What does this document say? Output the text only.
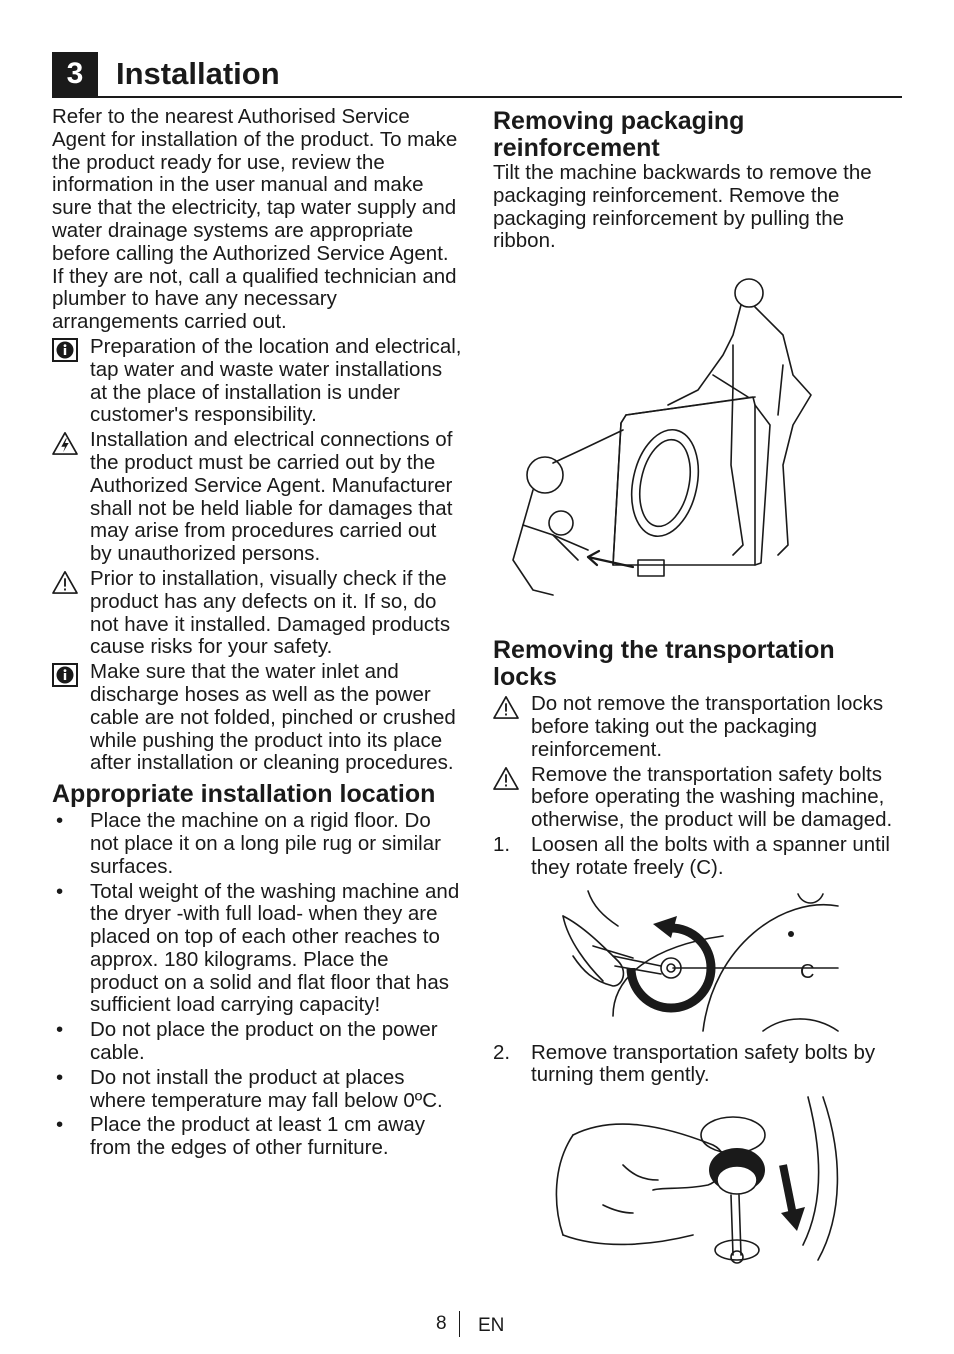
3	Installation

Refer to the nearest Authorised Service Agent for installation of the product. To make the product ready for use, review the information in the user manual and make sure that the electricity, tap water supply and water drainage systems are appropriate before calling the Authorized Service Agent. If they are not, call a qualified technician and plumber to have any necessary arrangements carried out.

Preparation of the location and electrical, tap water and waste water installations at the place of installation is under customer's responsibility.

Installation and electrical connections of the product must be carried out by the Authorized Service Agent. Manufacturer shall not be held liable for damages that may arise from procedures carried out by unauthorized persons.

Prior to installation, visually check if the product has any defects on it. If so, do not have it installed. Damaged products cause risks for your safety.

Make sure that the water inlet and discharge hoses as well as the power cable are not folded, pinched or crushed while pushing the product into its place after installation or cleaning procedures.

Appropriate installation location
• Place the machine on a rigid floor. Do not place it on a long pile rug or similar surfaces.

• Total weight of the washing machine and the dryer -with full load- when they are placed on top of each other reaches to approx. 180 kilograms. Place the product on a solid and flat floor that has sufficient load carrying capacity!

• Do not place the product on the power cable.

• Do not install the product at places where temperature may fall below 0ºC.

• Place the product at least 1 cm away from the edges of other furniture.

Removing packaging reinforcement

Tilt the machine backwards to remove the packaging reinforcement. Remove the packaging reinforcement by pulling the ribbon.

Removing the transportation locks

Do not remove the transportation locks before taking out the packaging reinforcement.

Remove the transportation safety bolts before operating the washing machine, otherwise, the product will be damaged.

1. Loosen all the bolts with a spanner until they rotate freely (C).

C
2. Remove transportation safety bolts by turning them gently.

8 EN
